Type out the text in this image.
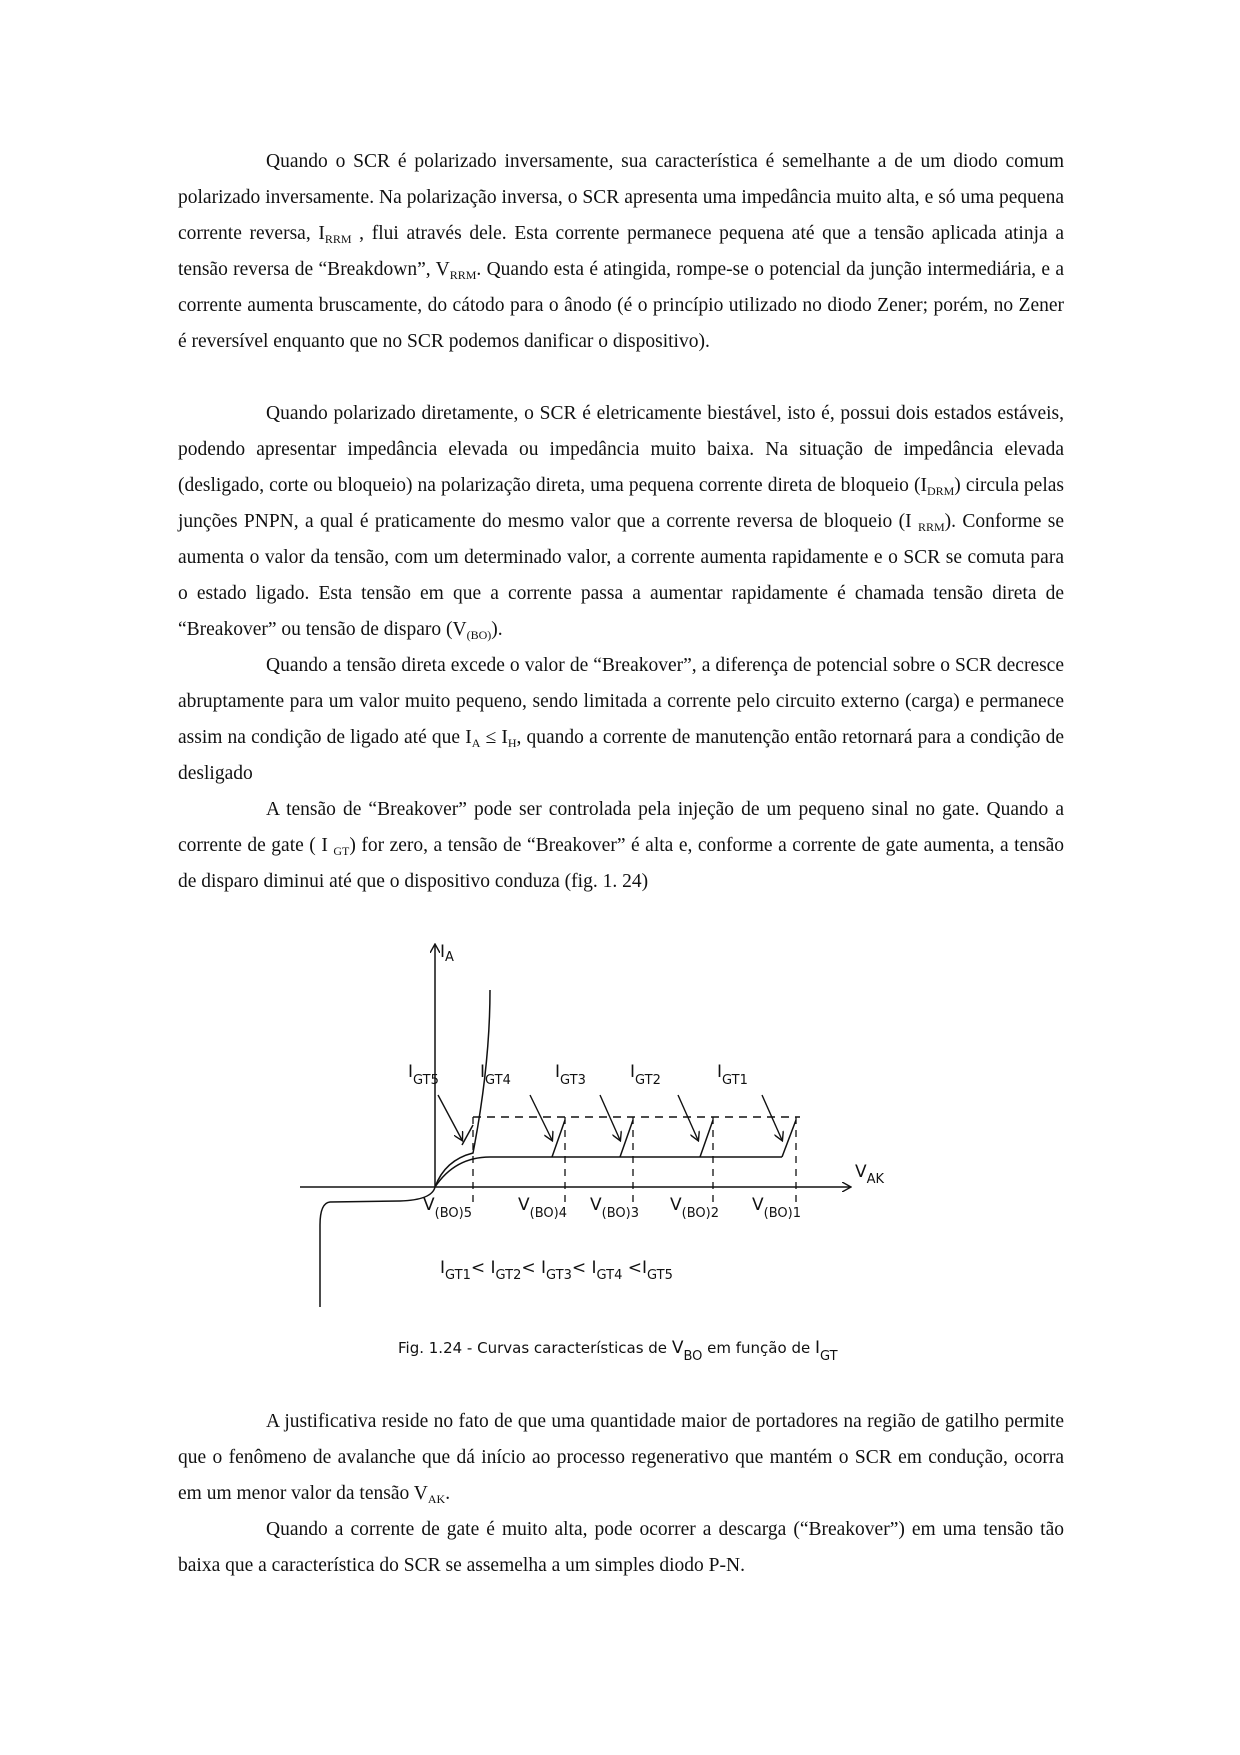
Quando o SCR é polarizado inversamente, sua característica é semelhante a de um diodo comum polarizado inversamente. Na polarização inversa, o SCR apresenta uma impedância muito alta, e só uma pequena corrente reversa, $I_{RRM}$ , flui através dele. Esta corrente permanece pequena até que a tensão aplicada atinja a tensão reversa de “Breakdown”, $V_{RRM}$. Quando esta é atingida, rompe-se o potencial da junção intermediária, e a corrente aumenta bruscamente, do cátodo para o ânodo (é o princípio utilizado no diodo Zener; porém, no Zener é reversível enquanto que no SCR podemos danificar o dispositivo).

Quando polarizado diretamente, o SCR é eletricamente biestável, isto é, possui dois estados estáveis, podendo apresentar impedância elevada ou impedância muito baixa. Na situação de impedância elevada (desligado, corte ou bloqueio) na polarização direta, uma pequena corrente direta de bloqueio $(I_{DRM})$ circula pelas junções PNPN, a qual é praticamente do mesmo valor que a corrente reversa de bloqueio (I $_{RRM}$). Conforme se aumenta o valor da tensão, com um determinado valor, a corrente aumenta rapidamente e o SCR se comuta para o estado ligado. Esta tensão em que a corrente passa a aumentar rapidamente é chamada tensão direta de “Breakover” ou tensão de disparo $(V_{(BO)})$.

Quando a tensão direta excede o valor de “Breakover”, a diferença de potencial sobre o SCR decresce abruptamente para um valor muito pequeno, sendo limitada a corrente pelo circuito externo (carga) e permanece assim na condição de ligado até que $I_A \le I_H$, quando a corrente de manutenção então retornará para a condição de desligado

A tensão de “Breakover” pode ser controlada pela injeção de um pequeno sinal no gate. Quando a corrente de gate ( I $_{GT}$) for zero, a tensão de “Breakover” é alta e, conforme a corrente de gate aumenta, a tensão de disparo diminui até que o dispositivo conduza (fig. 1. 24)

$I_A$
$V_{AK}$
$I_{GT5}$ $I_{GT4}$	$I_{GT3}$	$I_{GT2}$	$I_{GT1}$
$V_{(BO)5}$	$V_{(BO)4}$ $V_{(BO)3}$ $V_{(BO)2}$ $V_{(BO)1}$
$I_{GT1}< I_{GT2}< I_{GT3}< I_{GT4} <I_{GT5}$
Fig. 1.24 - Curvas características de $V_{BO}$ em função de $I_{GT}$

A justificativa reside no fato de que uma quantidade maior de portadores na região de gatilho permite que o fenômeno de avalanche que dá início ao processo regenerativo que mantém o SCR em condução, ocorra em um menor valor da tensão $V_{AK}$.

Quando a corrente de gate é muito alta, pode ocorrer a descarga (“Breakover”) em uma tensão tão baixa que a característica do SCR se assemelha a um simples diodo P-N.
